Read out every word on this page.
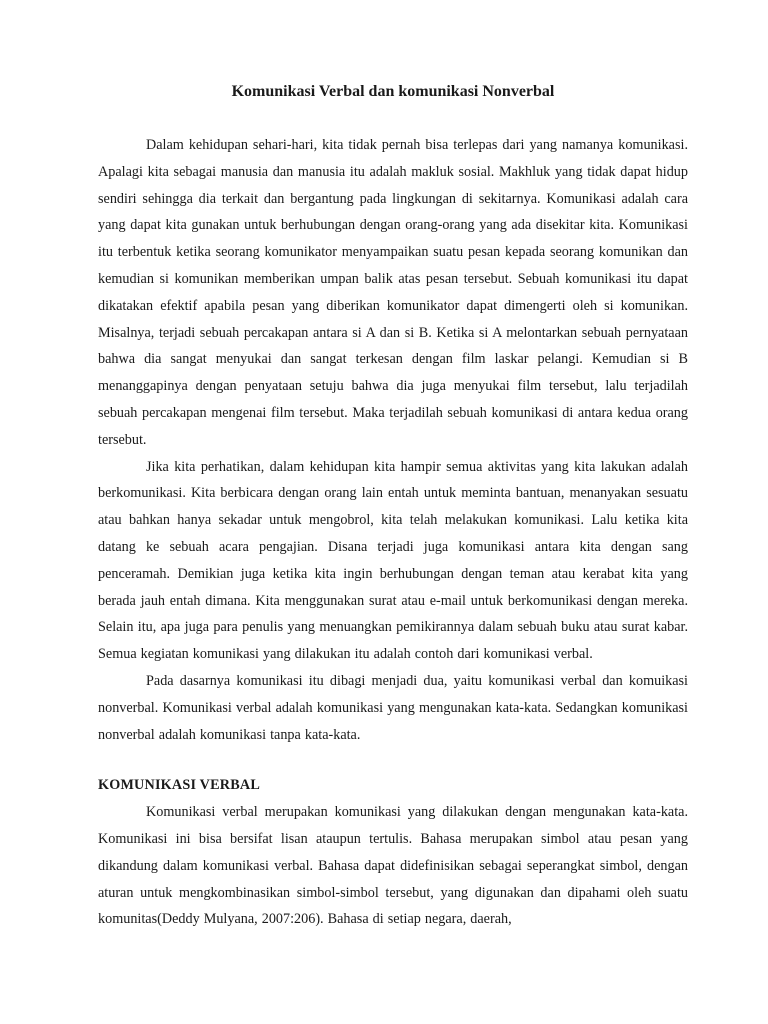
Komunikasi Verbal dan komunikasi Nonverbal

Dalam kehidupan sehari-hari, kita tidak pernah bisa terlepas dari yang namanya komunikasi. Apalagi kita sebagai manusia dan manusia itu adalah makluk sosial. Makhluk yang tidak dapat hidup sendiri sehingga dia terkait dan bergantung pada lingkungan di sekitarnya. Komunikasi adalah cara yang dapat kita gunakan untuk berhubungan dengan orang-orang yang ada disekitar kita. Komunikasi itu terbentuk ketika seorang komunikator menyampaikan suatu pesan kepada seorang komunikan dan kemudian si komunikan memberikan umpan balik atas pesan tersebut. Sebuah komunikasi itu dapat dikatakan efektif apabila pesan yang diberikan komunikator dapat dimengerti oleh si komunikan. Misalnya, terjadi sebuah percakapan antara si A dan si B. Ketika si A melontarkan sebuah pernyataan bahwa dia sangat menyukai dan sangat terkesan dengan film laskar pelangi. Kemudian si B menanggapinya dengan penyataan setuju bahwa dia juga menyukai film tersebut, lalu terjadilah sebuah percakapan mengenai film tersebut. Maka terjadilah sebuah komunikasi di antara kedua orang tersebut.

Jika kita perhatikan, dalam kehidupan kita hampir semua aktivitas yang kita lakukan adalah berkomunikasi. Kita berbicara dengan orang lain entah untuk meminta bantuan, menanyakan sesuatu atau bahkan hanya sekadar untuk mengobrol, kita telah melakukan komunikasi. Lalu ketika kita datang ke sebuah acara pengajian. Disana terjadi juga komunikasi antara kita dengan sang penceramah. Demikian juga ketika kita ingin berhubungan dengan teman atau kerabat kita yang berada jauh entah dimana. Kita menggunakan surat atau e-mail untuk berkomunikasi dengan mereka. Selain itu, apa juga para penulis yang menuangkan pemikirannya dalam sebuah buku atau surat kabar. Semua kegiatan komunikasi yang dilakukan itu adalah contoh dari komunikasi verbal.

Pada dasarnya komunikasi itu dibagi menjadi dua, yaitu komunikasi verbal dan komuikasi nonverbal. Komunikasi verbal adalah komunikasi yang mengunakan kata-kata. Sedangkan komunikasi nonverbal adalah komunikasi tanpa kata-kata.

KOMUNIKASI VERBAL

Komunikasi verbal merupakan komunikasi yang dilakukan dengan mengunakan kata-kata. Komunikasi ini bisa bersifat lisan ataupun tertulis. Bahasa merupakan simbol atau pesan yang dikandung dalam komunikasi verbal. Bahasa dapat didefinisikan sebagai seperangkat simbol, dengan aturan untuk mengkombinasikan simbol-simbol tersebut, yang digunakan dan dipahami oleh suatu komunitas(Deddy Mulyana, 2007:206). Bahasa di setiap negara, daerah,
